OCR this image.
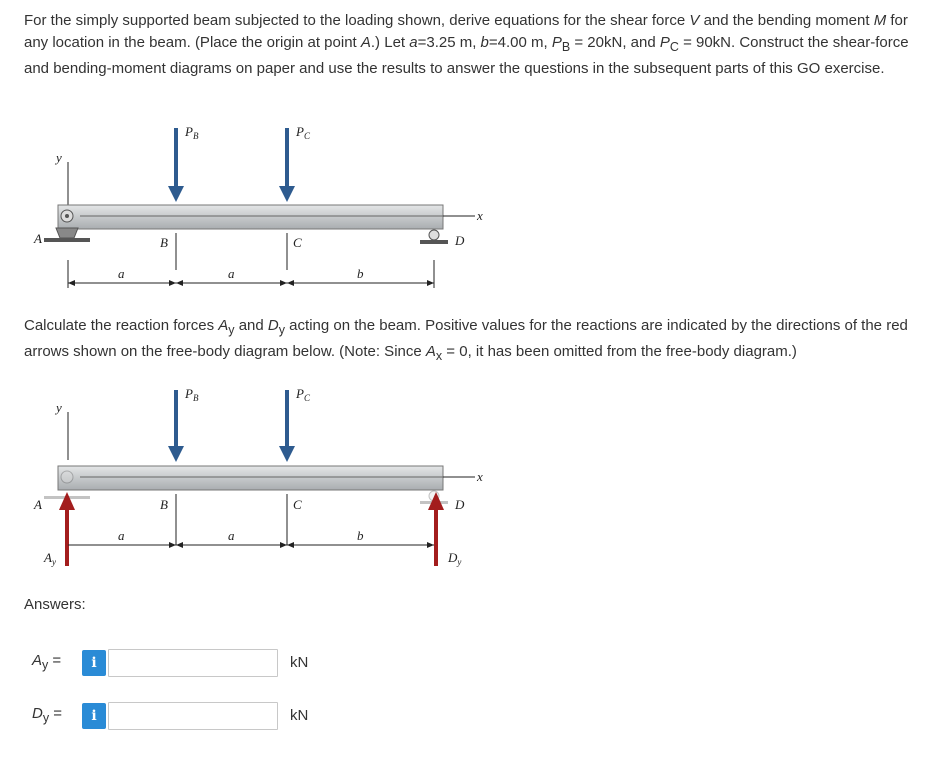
For the simply supported beam subjected to the loading shown, derive equations for the shear force V and the bending moment M for any location in the beam. (Place the origin at point A.) Let a=3.25 m, b=4.00 m, $P_B = 20kN$, and $P_C = 90kN$. Construct the shear-force and bending-moment diagrams on paper and use the results to answer the questions in the subsequent parts of this GO exercise.

y
x
A	D
$P_B$	$P_C$
B	C
a	a	b

Calculate the reaction forces $A_y$ and $D_y$ acting on the beam. Positive values for the reactions are indicated by the directions of the red arrows shown on the free-body diagram below. (Note: Since $A_x = 0$, it has been omitted from the free-body diagram.)

y
x
A	D
$P_B$	$P_C$
$A_y$	$D_y$
B	C
a	a	b

Answers:

$A_y$ =	i	kN
$D_y$ =	i	kN
